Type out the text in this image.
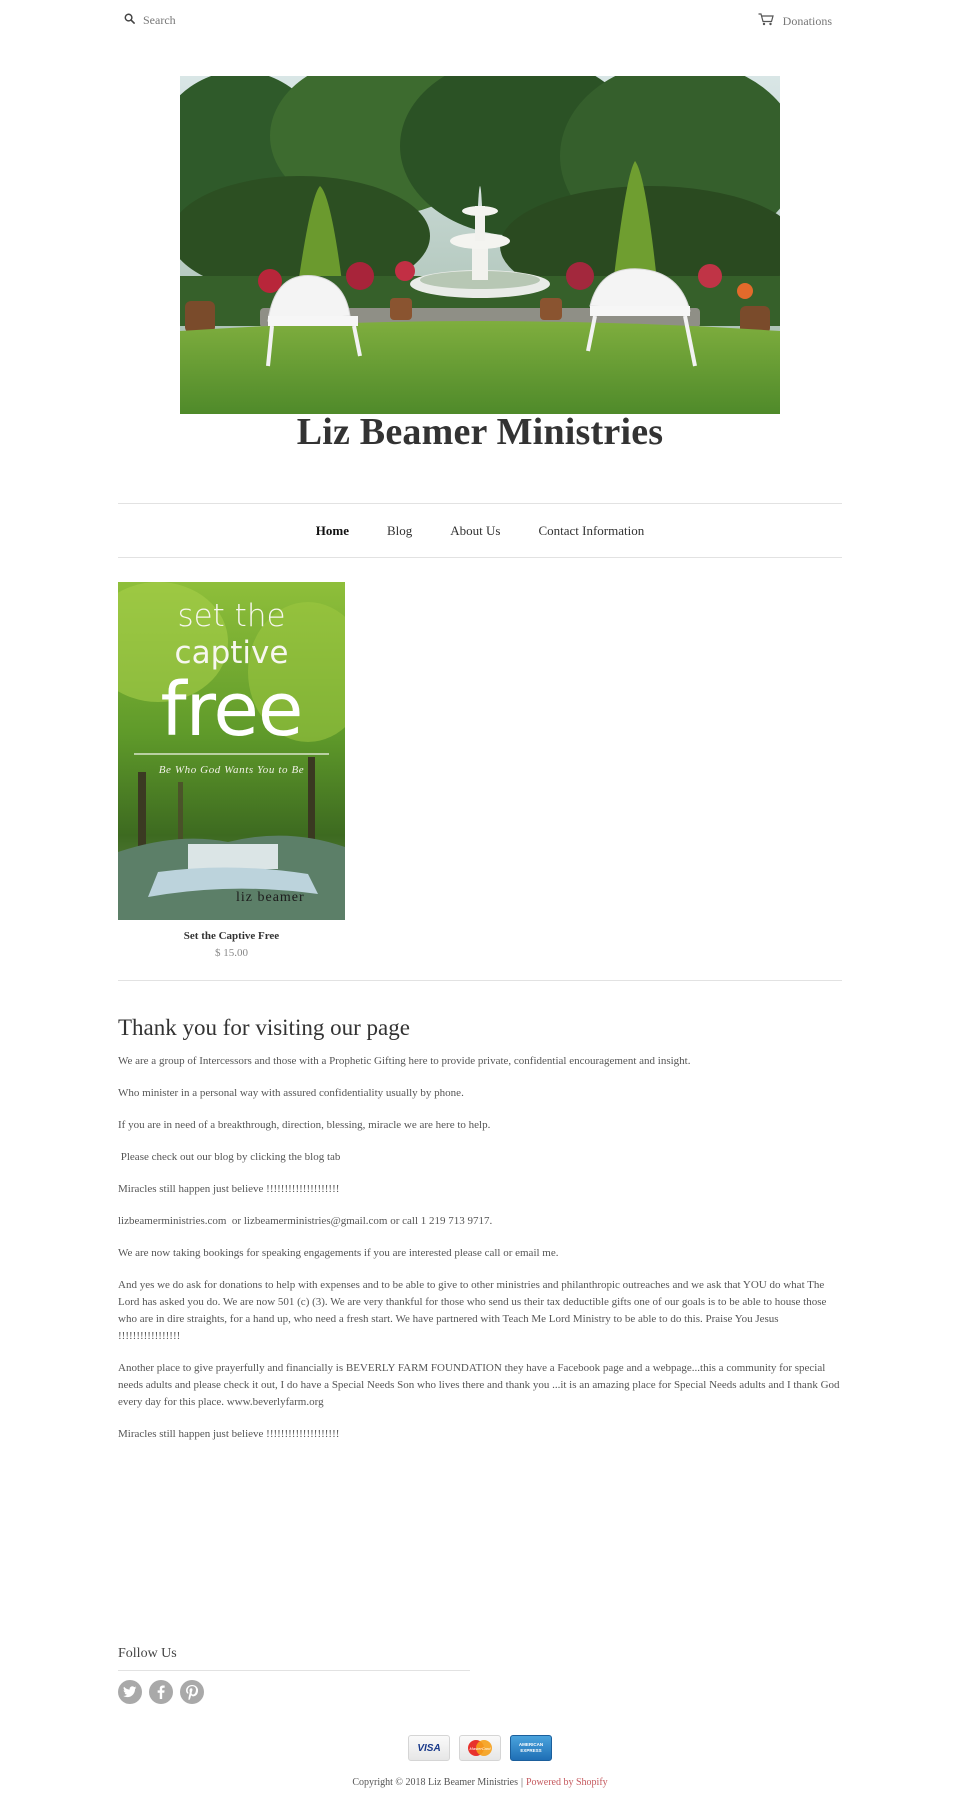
Search	Donations
Liz Beamer Ministries
Home	Blog	About Us	Contact Information
set the
captive
free
Be Who God Wants You to Be
liz beamer
Set the Captive Free
$ 15.00
Thank you for visiting our page

We are a group of Intercessors and those with a Prophetic Gifting here to provide private, confidential encouragement and insight.

Who minister in a personal way with assured confidentiality usually by phone.

If you are in need of a breakthrough, direction, blessing, miracle we are here to help.

Please check out our blog by clicking the blog tab

Miracles still happen just believe !!!!!!!!!!!!!!!!!!!!

lizbeamerministries.com  or lizbeamerministries@gmail.com or call 1 219 713 9717.

We are now taking bookings for speaking engagements if you are interested please call or email me.

And yes we do ask for donations to help with expenses and to be able to give to other ministries and philanthropic outreaches and we ask that YOU do what The Lord has asked you do. We are now 501 (c) (3). We are very thankful for those who send us their tax deductible gifts one of our goals is to be able to house those who are in dire straights, for a hand up, who need a fresh start. We have partnered with Teach Me Lord Ministry to be able to do this. Praise You Jesus !!!!!!!!!!!!!!!!!

Another place to give prayerfully and financially is BEVERLY FARM FOUNDATION they have a Facebook page and a webpage...this a community for special needs adults and please check it out, I do have a Special Needs Son who lives there and thank you ...it is an amazing place for Special Needs adults and I thank God every day for this place. www.beverlyfarm.org

Miracles still happen just believe !!!!!!!!!!!!!!!!!!!!

Follow Us
VISA	MasterCard
AMERICAN EXPRESS
Copyright © 2018 Liz Beamer Ministries | Powered by Shopify
